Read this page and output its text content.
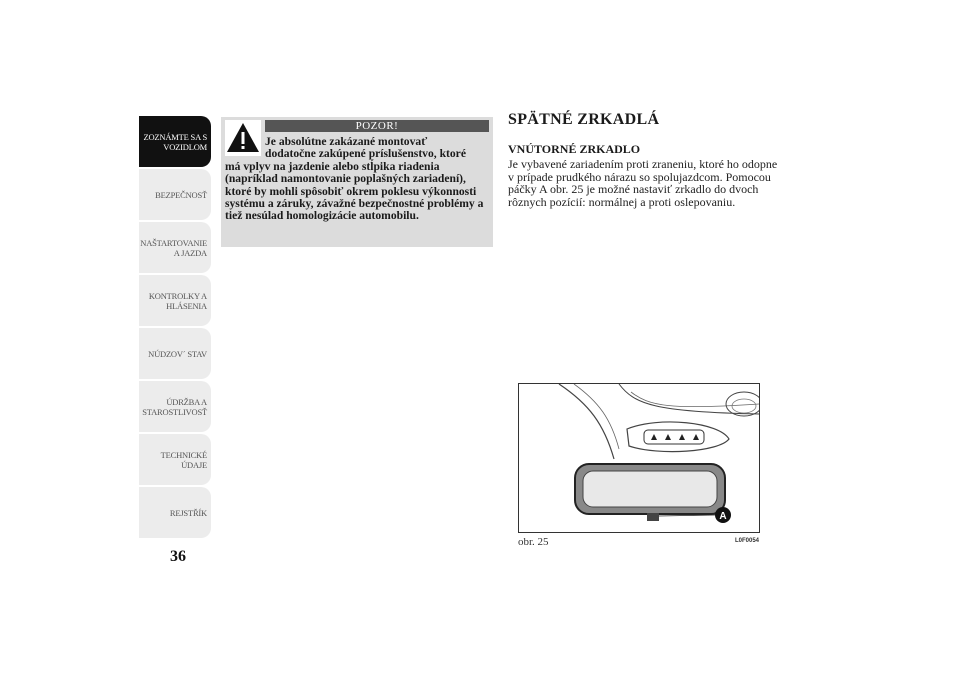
ZOZNÁMTE SA S
VOZIDLOM
BEZPEČNOSŤ
NAŠTARTOVANIE
A JAZDA
KONTROLKY A
HLÁSENIA
NÚDZOV´ STAV
ÚDRŽBA A
STAROSTLIVOSŤ
TECHNICKÉ
ÚDAJE
REJSTŘÍK
36
POZOR!
Je absolútne zakázané montovať
dodatočne zakúpené príslušenstvo, ktoré
má vplyv na jazdenie alebo stĺpika riadenia (napríklad namontovanie poplašných zariadení), ktoré by mohli spôsobiť okrem poklesu výkonnosti systému a záruky, závažné bezpečnostné problémy a tiež nesúlad homologizácie automobilu.
SPÄTNÉ ZRKADLÁ
VNÚTORNÉ ZRKADLO
Je vybavené zariadením proti zraneniu, ktoré ho odopne v prípade prudkého nárazu so spolujazdcom. Pomocou páčky A obr. 25 je možné nastaviť zrkadlo do dvoch rôznych pozícií: normálnej a proti oslepovaniu.
A
obr. 25	L0F0054
